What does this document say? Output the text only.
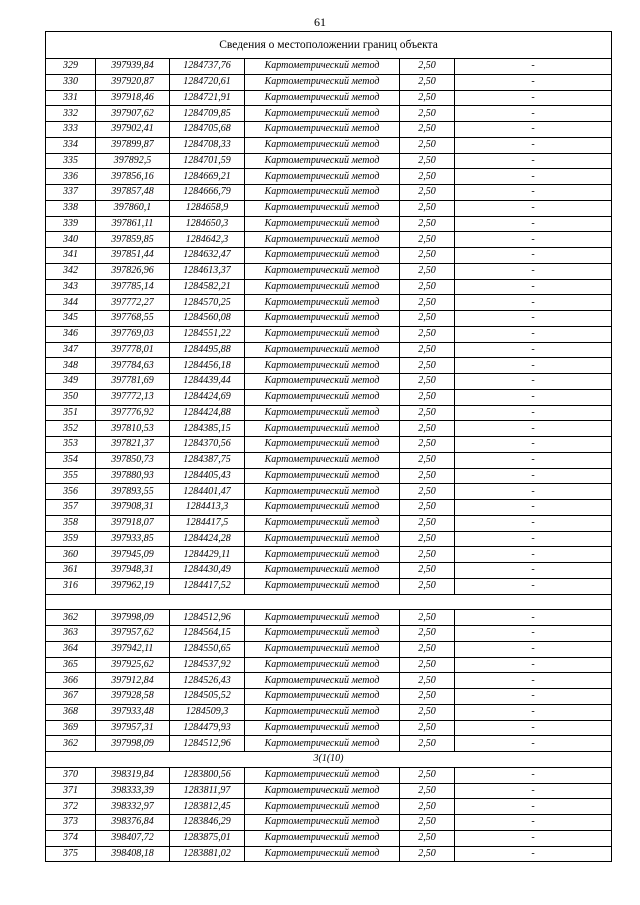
61
Сведения о местоположении границ объекта					
329	397939,84	1284737,76	Картометрический метод	2,50	-
330	397920,87	1284720,61	Картометрический метод	2,50	-
331	397918,46	1284721,91	Картометрический метод	2,50	-
332	397907,62	1284709,85	Картометрический метод	2,50	-
333	397902,41	1284705,68	Картометрический метод	2,50	-
334	397899,87	1284708,33	Картометрический метод	2,50	-
335	397892,5	1284701,59	Картометрический метод	2,50	-
336	397856,16	1284669,21	Картометрический метод	2,50	-
337	397857,48	1284666,79	Картометрический метод	2,50	-
338	397860,1	1284658,9	Картометрический метод	2,50	-
339	397861,11	1284650,3	Картометрический метод	2,50	-
340	397859,85	1284642,3	Картометрический метод	2,50	-
341	397851,44	1284632,47	Картометрический метод	2,50	-
342	397826,96	1284613,37	Картометрический метод	2,50	-
343	397785,14	1284582,21	Картометрический метод	2,50	-
344	397772,27	1284570,25	Картометрический метод	2,50	-
345	397768,55	1284560,08	Картометрический метод	2,50	-
346	397769,03	1284551,22	Картометрический метод	2,50	-
347	397778,01	1284495,88	Картометрический метод	2,50	-
348	397784,63	1284456,18	Картометрический метод	2,50	-
349	397781,69	1284439,44	Картометрический метод	2,50	-
350	397772,13	1284424,69	Картометрический метод	2,50	-
351	397776,92	1284424,88	Картометрический метод	2,50	-
352	397810,53	1284385,15	Картометрический метод	2,50	-
353	397821,37	1284370,56	Картометрический метод	2,50	-
354	397850,73	1284387,75	Картометрический метод	2,50	-
355	397880,93	1284405,43	Картометрический метод	2,50	-
356	397893,55	1284401,47	Картометрический метод	2,50	-
357	397908,31	1284413,3	Картометрический метод	2,50	-
358	397918,07	1284417,5	Картометрический метод	2,50	-
359	397933,85	1284424,28	Картометрический метод	2,50	-
360	397945,09	1284429,11	Картометрический метод	2,50	-
361	397948,31	1284430,49	Картометрический метод	2,50	-
316	397962,19	1284417,52	Картометрический метод	2,50	-

362	397998,09	1284512,96	Картометрический метод	2,50	-
363	397957,62	1284564,15	Картометрический метод	2,50	-
364	397942,11	1284550,65	Картометрический метод	2,50	-
365	397925,62	1284537,92	Картометрический метод	2,50	-
366	397912,84	1284526,43	Картометрический метод	2,50	-
367	397928,58	1284505,52	Картометрический метод	2,50	-
368	397933,48	1284509,3	Картометрический метод	2,50	-
369	397957,31	1284479,93	Картометрический метод	2,50	-
362	397998,09	1284512,96	Картометрический метод	2,50	-
3(1(10)					
370	398319,84	1283800,56	Картометрический метод	2,50	-
371	398333,39	1283811,97	Картометрический метод	2,50	-
372	398332,97	1283812,45	Картометрический метод	2,50	-
373	398376,84	1283846,29	Картометрический метод	2,50	-
374	398407,72	1283875,01	Картометрический метод	2,50	-
375	398408,18	1283881,02	Картометрический метод	2,50	-
